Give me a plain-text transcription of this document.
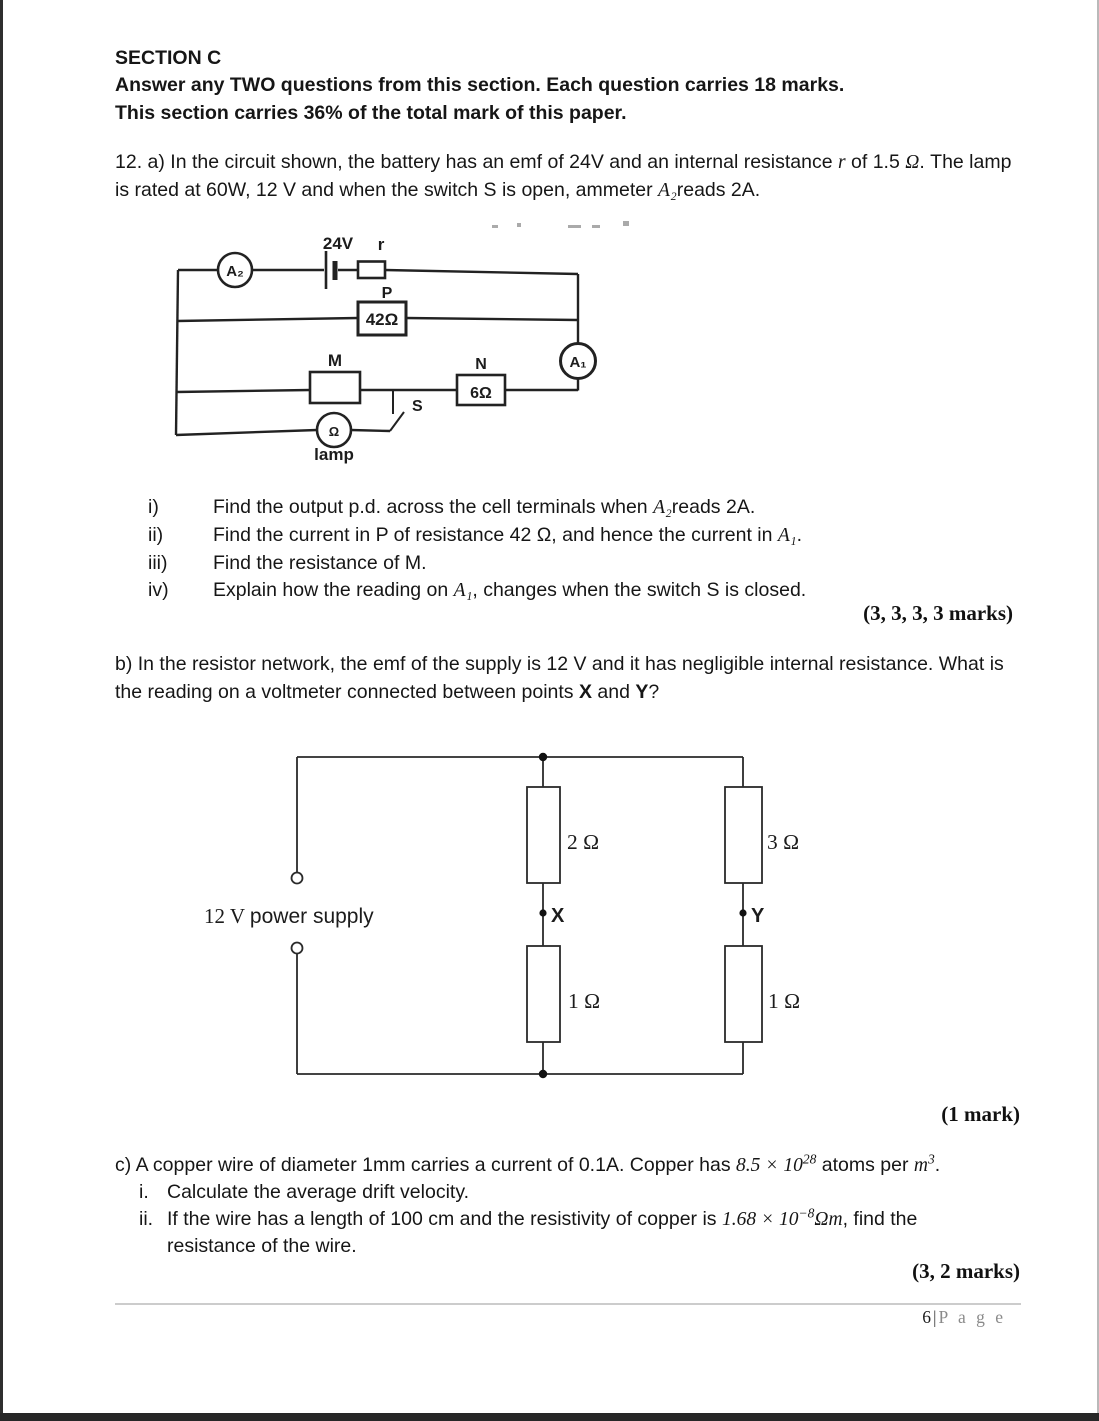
SECTION C
Answer any TWO questions from this section. Each question carries 18 marks.
This section carries 36% of the total mark of this paper.
12. a) In the circuit shown, the battery has an emf of 24V and an internal resistance r of 1.5 Ω. The lamp is rated at 60W, 12 V and when the switch S is open, ammeter A₂reads 2A.
A₂
24V r
P
42Ω
M	N
6Ω
A₁
S
Ω
lamp
i)	Find the output p.d. across the cell terminals when A₂reads 2A.
ii)	Find the current in P of resistance 42 Ω, and hence the current in A₁.
iii)	Find the resistance of M.
iv)	Explain how the reading on A₁, changes when the switch S is closed.
(3, 3, 3, 3 marks)
b) In the resistor network, the emf of the supply is 12 V and it has negligible internal resistance. What is the reading on a voltmeter connected between points X and Y?
12 V power supply
2 Ω	3 Ω
1 Ω	1 Ω
X	Y
(1 mark)
c) A copper wire of diameter 1mm carries a current of 0.1A. Copper has $8.5 \times 10^{28}$ atoms per $m^3$.
i. Calculate the average drift velocity.
ii. If the wire has a length of 100 cm and the resistivity of copper is $1.68 \times 10^{-8}\Omega m$, find the
resistance of the wire.
(3, 2 marks)
6 | P a g e
